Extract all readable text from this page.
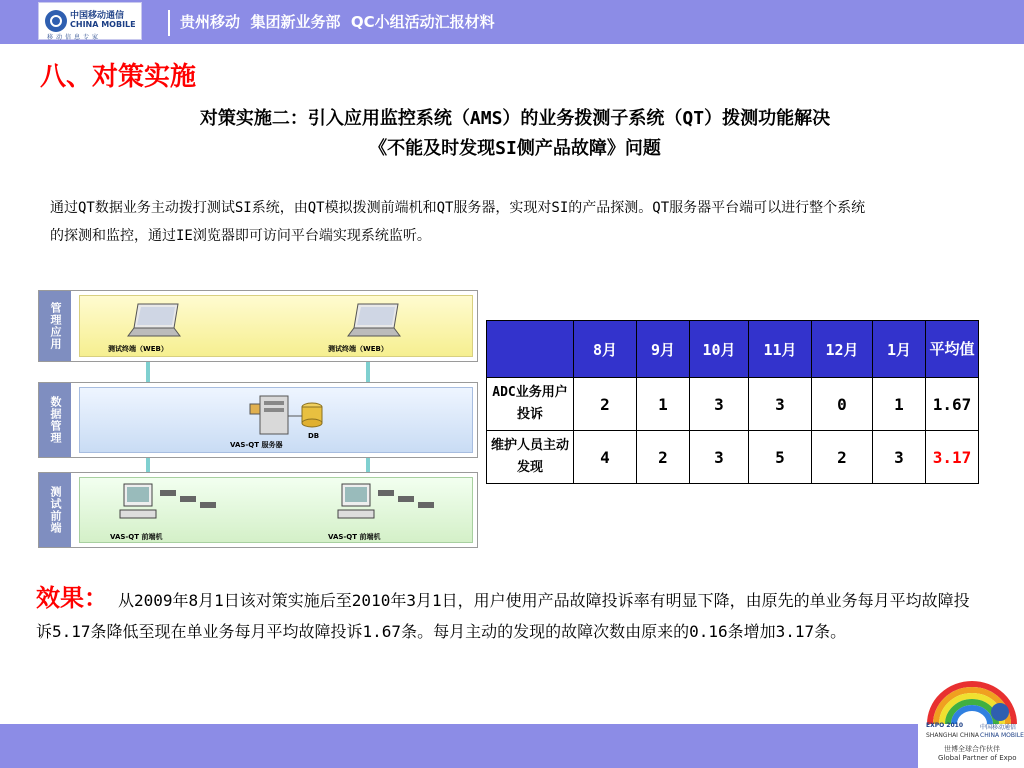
中国移动通信
CHINA MOBILE
移动信息专家
贵州移动  集团新业务部  QC小组活动汇报材料
八、对策实施
对策实施二：引入应用监控系统（AMS）的业务拨测子系统（QT）拨测功能解决
《不能及时发现SI侧产品故障》问题
通过QT数据业务主动拨打测试SI系统，由QT模拟拨测前端机和QT服务器，实现对SI的产品探测。QT服务器平台端可以进行整个系统的探测和监控，通过IE浏览器即可访问平台端实现系统监听。
管理应用	测试终端（WEB）	测试终端（WEB）
数据管理
VAS-QT 服务器
DB
测试前端
VAS-QT 前端机	VAS-QT 前端机
	8月	9月	10月	11月	12月	1月	平均值
ADC业务用户投诉	2	1	3	3	0	1	1.67
维护人员主动发现	4	2	3	5	2	3	3.17
效果： 从2009年8月1日该对策实施后至2010年3月1日，用户使用产品故障投诉率有明显下降，由原先的单业务每月平均故障投诉5.17条降低至现在单业务每月平均故障投诉1.67条。每月主动的发现的故障次数由原来的0.16条增加3.17条。
EXPO 2010
SHANGHAI CHINA
中国移动通信
CHINA MOBILE
世博全球合作伙伴
Global Partner of Expo
